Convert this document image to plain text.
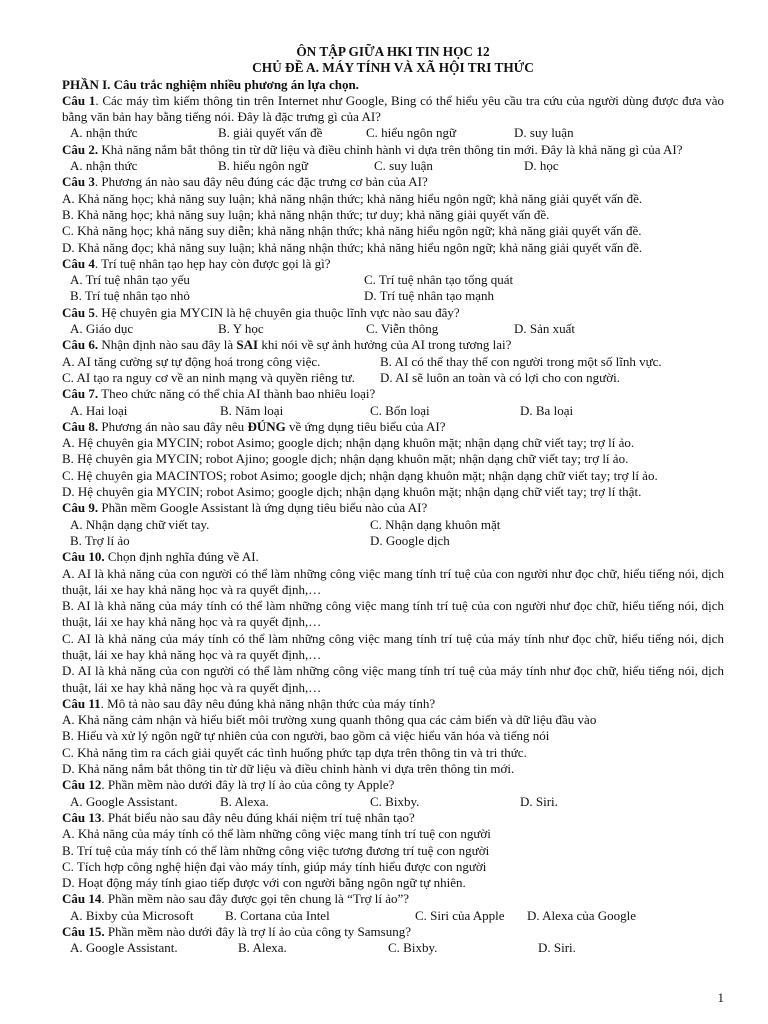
ÔN TẬP GIỮA HKI TIN HỌC 12
CHỦ ĐỀ A. MÁY TÍNH VÀ XÃ HỘI TRI THỨC
PHẦN I. Câu trắc nghiệm nhiều phương án lựa chọn.
Câu 1. Các máy tìm kiếm thông tin trên Internet như Google, Bing có thể hiểu yêu cầu tra cứu của người dùng được đưa vào bằng văn bản hay bằng tiếng nói. Đây là đặc trưng gì của AI?
A. nhận thức	B. giải quyết vấn đề	C. hiểu ngôn ngữ	D. suy luận
Câu 2. Khả năng nắm bắt thông tin từ dữ liệu và điều chỉnh hành vi dựa trên thông tin mới. Đây là khả năng gì của AI?
A. nhận thức	B. hiểu ngôn ngữ	C. suy luận	D. học
Câu 3. Phương án nào sau đây nêu đúng các đặc trưng cơ bản của AI?
A. Khả năng học; khả năng suy luận; khả năng nhận thức; khả năng hiểu ngôn ngữ; khả năng giải quyết vấn đề.
B. Khả năng học; khả năng suy luận; khả năng nhận thức; tư duy; khả năng giải quyết vấn đề.
C. Khả năng học; khả năng suy diễn; khả năng nhận thức; khả năng hiểu ngôn ngữ; khả năng giải quyết vấn đề.
D. Khả năng đọc; khả năng suy luận; khả năng nhận thức; khả năng hiểu ngôn ngữ; khả năng giải quyết vấn đề.
Câu 4. Trí tuệ nhân tạo hẹp hay còn được gọi là gì?
A. Trí tuệ nhân tạo yếu	C. Trí tuệ nhân tạo tổng quát
B. Trí tuệ nhân tạo nhỏ	D. Trí tuệ nhân tạo mạnh
Câu 5. Hệ chuyên gia MYCIN là hệ chuyên gia thuộc lĩnh vực nào sau đây?
A. Giáo dục	B. Y học	C. Viễn thông	D. Sản xuất
Câu 6. Nhận định nào sau đây là SAI khi nói về sự ảnh hưởng của AI trong tương lai?
A. AI tăng cường sự tự động hoá trong công việc.	B. AI có thể thay thế con người trong một số lĩnh vực.
C. AI tạo ra nguy cơ về an ninh mạng và quyền riêng tư.	D. AI sẽ luôn an toàn và có lợi cho con người.
Câu 7. Theo chức năng có thể chia AI thành bao nhiêu loại?
A. Hai loại	B. Năm loại	C. Bốn loại	D. Ba loại
Câu 8. Phương án nào sau đây nêu ĐÚNG về ứng dụng tiêu biểu của AI?
A. Hệ chuyên gia MYCIN; robot Asimo; google dịch; nhận dạng khuôn mặt; nhận dạng chữ viết tay; trợ lí ảo.
B. Hệ chuyên gia MYCIN; robot Ajino; google dịch; nhận dạng khuôn mặt; nhận dạng chữ viết tay; trợ lí ảo.
C. Hệ chuyên gia MACINTOS; robot Asimo; google dịch; nhận dạng khuôn mặt; nhận dạng chữ viết tay; trợ lí ảo.
D. Hệ chuyên gia MYCIN; robot Asimo; google dịch; nhận dạng khuôn mặt; nhận dạng chữ viết tay; trợ lí thật.
Câu 9. Phần mềm Google Assistant là ứng dụng tiêu biểu nào của AI?
A. Nhận dạng chữ viết tay.	C. Nhận dạng khuôn mặt
B. Trợ lí ảo	D. Google dịch
Câu 10. Chọn định nghĩa đúng về AI.
A. AI là khả năng của con người có thể làm những công việc mang tính trí tuệ của con người như đọc chữ, hiểu tiếng nói, dịch thuật, lái xe hay khả năng học và ra quyết định,…
B. AI là khả năng của máy tính có thể làm những công việc mang tính trí tuệ của con người như đọc chữ, hiểu tiếng nói, dịch thuật, lái xe hay khả năng học và ra quyết định,…
C. AI là khả năng của máy tính có thể làm những công việc mang tính trí tuệ của máy tính như đọc chữ, hiểu tiếng nói, dịch thuật, lái xe hay khả năng học và ra quyết định,…
D. AI là khả năng của con người có thể làm những công việc mang tính trí tuệ của máy tính như đọc chữ, hiểu tiếng nói, dịch thuật, lái xe hay khả năng học và ra quyết định,…
Câu 11. Mô tả nào sau đây nêu đúng khả năng nhận thức của máy tính?
A. Khả năng cảm nhận và hiểu biết môi trường xung quanh thông qua các cảm biến và dữ liệu đầu vào
B. Hiểu và xử lý ngôn ngữ tự nhiên của con người, bao gồm cả việc hiểu văn hóa và tiếng nói
C. Khả năng tìm ra cách giải quyết các tình huống phức tạp dựa trên thông tin và tri thức.
D. Khả năng nắm bắt thông tin từ dữ liệu và điều chỉnh hành vi dựa trên thông tin mới.
Câu 12. Phần mềm nào dưới đây là trợ lí ảo của công ty Apple?
A. Google Assistant.	B. Alexa.	C. Bixby.	D. Siri.
Câu 13. Phát biểu nào sau đây nêu đúng khái niệm trí tuệ nhân tạo?
A. Khả năng của máy tính có thể làm những công việc mang tính trí tuệ con người
B. Trí tuệ của máy tính có thể làm những công việc tương đương trí tuệ con người
C. Tích hợp công nghệ hiện đại vào máy tính, giúp máy tính hiểu được con người
D. Hoạt động máy tính giao tiếp được với con người bằng ngôn ngữ tự nhiên.
Câu 14. Phần mềm nào sau đây được gọi tên chung là “Trợ lí ảo”?
A. Bixby của Microsoft	B. Cortana của Intel	C. Siri của Apple	D. Alexa của Google
Câu 15. Phần mềm nào dưới đây là trợ lí ảo của công ty Samsung?
A. Google Assistant.	B. Alexa.	C. Bixby.	D. Siri.
1
